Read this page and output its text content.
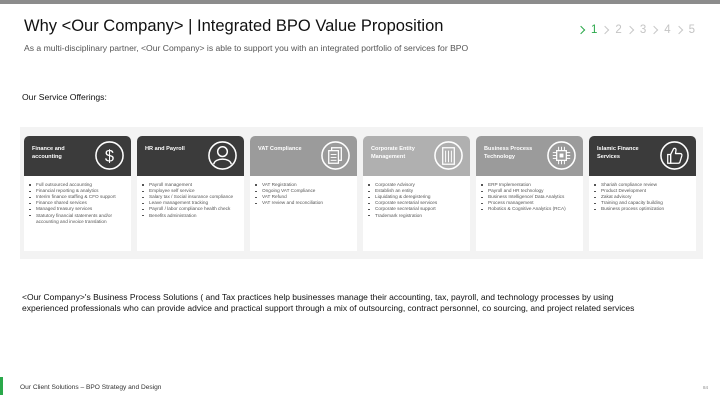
Why <Our Company> | Integrated BPO Value Proposition
As a multi-disciplinary partner, <Our Company> is able to support you with an integrated portfolio of services for BPO
1 2 3 4 5
Our Service Offerings:
Finance and accounting	$
Full outsourced accounting
Financial reporting & analytics
Interim finance staffing & CFO support
Finance shared services
Managed treasury services
Statutory financial statements and/or accounting and invoice translation
HR and Payroll
Payroll management
Employee self service
Salary tax / Social insurance compliance
Leave management tracking
Payroll / labor compliance health check
Benefits administration
VAT Compliance
VAT Registration
Ongoing VAT Compliance
VAT Refund
VAT review and reconciliation
Corporate Entity Management
Corporate Advisory
Establish an entity
Liquidating & deregistering
Corporate secretarial services
Corporate secretarial support
Trademark registration
Business Process Technology
ERP Implementation
Payroll and HR technology
Business Intelligence/ Data Analytics
Process management
Robotics & Cognitive Analytics (RCA)
Islamic Finance Services
Shariah compliance review
Product Development
Zakat advisory
Training and capacity building
Business process optimization
<Our Company>'s Business Process Solutions ( and Tax practices help businesses manage their accounting, tax, payroll, and technology processes by using experienced professionals who can provide advice and practical support through a mix of outsourcing, contract personnel, co sourcing, and project related services
Our Client Solutions – BPO Strategy and Design	84
